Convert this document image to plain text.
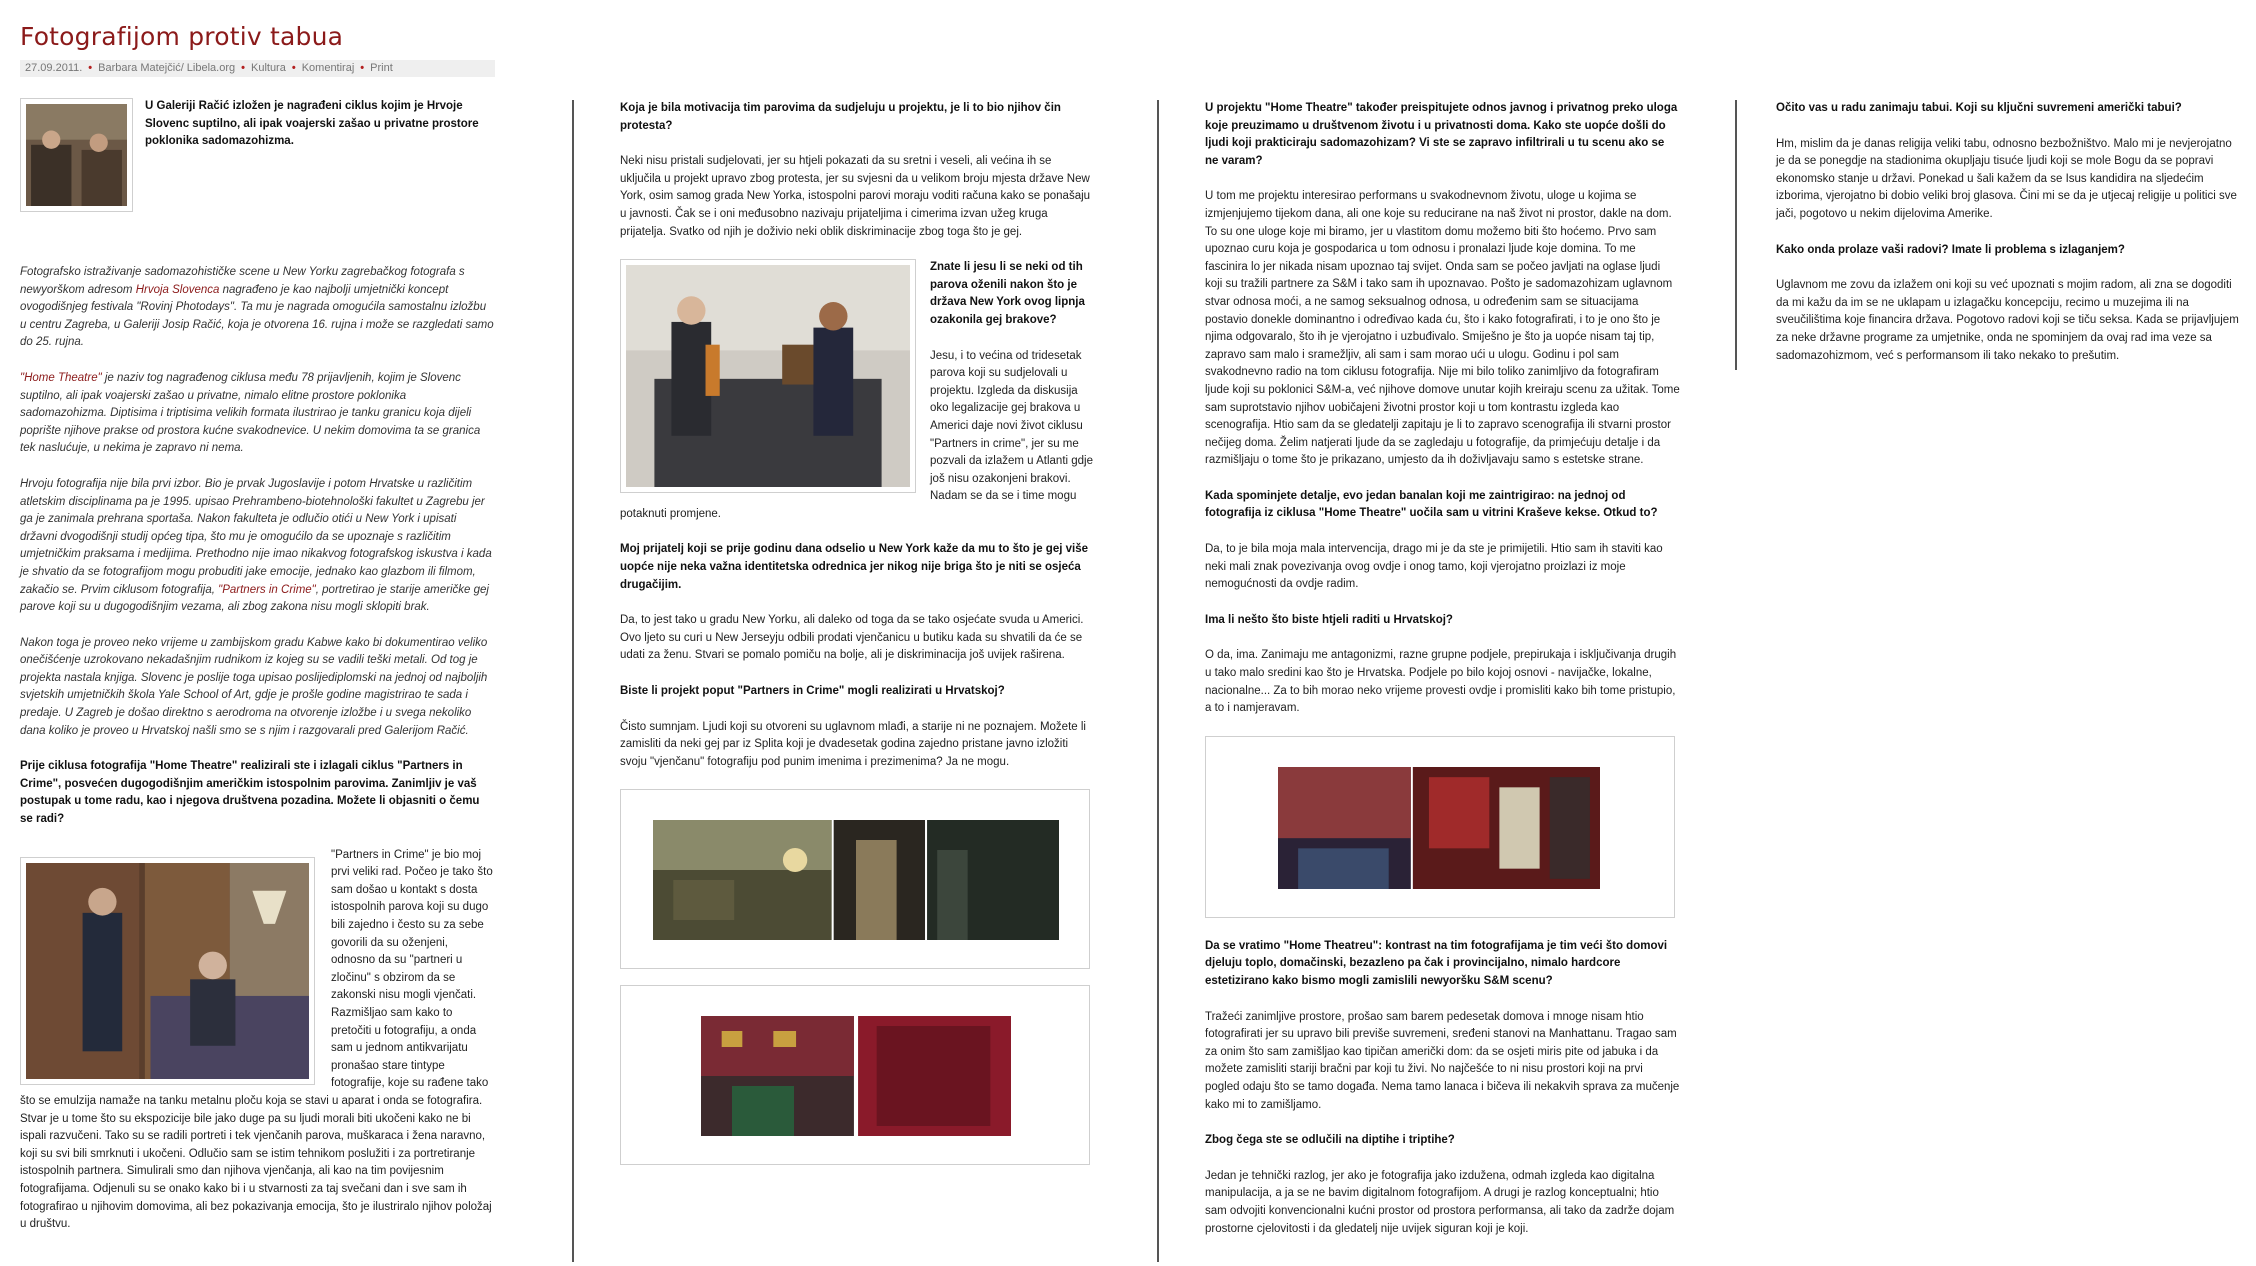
Fotografijom protiv tabua
27.09.2011. • Barbara Matejčić/ Libela.org • Kultura • Komentiraj • Print
U Galeriji Račić izložen je nagrađeni ciklus kojim je Hrvoje Slovenc suptilno, ali ipak voajerski zašao u privatne prostore poklonika sadomazohizma.

Fotografsko istraživanje sadomazohističke scene u New Yorku zagrebačkog fotografa s newyorškom adresom Hrvoja Slovenca nagrađeno je kao najbolji umjetnički koncept ovogodišnjeg festivala "Rovinj Photodays". Ta mu je nagrada omogućila samostalnu izložbu u centru Zagreba, u Galeriji Josip Račić, koja je otvorena 16. rujna i može se razgledati samo do 25. rujna.

"Home Theatre" je naziv tog nagrađenog ciklusa među 78 prijavljenih, kojim je Slovenc suptilno, ali ipak voajerski zašao u privatne, nimalo elitne prostore poklonika sadomazohizma. Diptisima i triptisima velikih formata ilustrirao je tanku granicu koja dijeli poprište njihove prakse od prostora kućne svakodnevice. U nekim domovima ta se granica tek naslućuje, u nekima je zapravo ni nema.

Hrvoju fotografija nije bila prvi izbor. Bio je prvak Jugoslavije i potom Hrvatske u različitim atletskim disciplinama pa je 1995. upisao Prehrambeno-biotehnološki fakultet u Zagrebu jer ga je zanimala prehrana sportaša. Nakon fakulteta je odlučio otići u New York i upisati državni dvogodišnji studij općeg tipa, što mu je omogućilo da se upoznaje s različitim umjetničkim praksama i medijima. Prethodno nije imao nikakvog fotografskog iskustva i kada je shvatio da se fotografijom mogu probuditi jake emocije, jednako kao glazbom ili filmom, zakačio se. Prvim ciklusom fotografija, "Partners in Crime", portretirao je starije američke gej parove koji su u dugogodišnjim vezama, ali zbog zakona nisu mogli sklopiti brak.

Nakon toga je proveo neko vrijeme u zambijskom gradu Kabwe kako bi dokumentirao veliko onečišćenje uzrokovano nekadašnjim rudnikom iz kojeg su se vadili teški metali. Od tog je projekta nastala knjiga. Slovenc je poslije toga upisao poslijediplomski na jednoj od najboljih svjetskih umjetničkih škola Yale School of Art, gdje je prošle godine magistrirao te sada i predaje. U Zagreb je došao direktno s aerodroma na otvorenje izložbe i u svega nekoliko dana koliko je proveo u Hrvatskoj našli smo se s njim i razgovarali pred Galerijom Račić.

Prije ciklusa fotografija "Home Theatre" realizirali ste i izlagali ciklus "Partners in Crime", posvećen dugogodišnjim američkim istospolnim parovima. Zanimljiv je vaš postupak u tome radu, kao i njegova društvena pozadina. Možete li objasniti o čemu se radi?

"Partners in Crime" je bio moj prvi veliki rad. Počeo je tako što sam došao u kontakt s dosta istospolnih parova koji su dugo bili zajedno i često su za sebe govorili da su oženjeni, odnosno da su "partneri u zločinu" s obzirom da se zakonski nisu mogli vjenčati. Razmišljao sam kako to pretočiti u fotografiju, a onda sam u jednom antikvarijatu pronašao stare tintype fotografije, koje su rađene tako što se emulzija namaže na tanku metalnu ploču koja se stavi u aparat i onda se fotografira. Stvar je u tome što su ekspozicije bile jako duge pa su ljudi morali biti ukočeni kako ne bi ispali razvučeni. Tako su se radili portreti i tek vjenčanih parova, muškaraca i žena naravno, koji su svi bili smrknuti i ukočeni. Odlučio sam se istim tehnikom poslužiti i za portretiranje istospolnih partnera. Simulirali smo dan njihova vjenčanja, ali kao na tim povijesnim fotografijama. Odjenuli su se onako kako bi i u stvarnosti za taj svečani dan i sve sam ih fotografirao u njihovim domovima, ali bez pokazivanja emocija, što je ilustriralo njihov položaj u društvu.

Koja je bila motivacija tim parovima da sudjeluju u projektu, je li to bio njihov čin protesta?

Neki nisu pristali sudjelovati, jer su htjeli pokazati da su sretni i veseli, ali većina ih se uključila u projekt upravo zbog protesta, jer su svjesni da u velikom broju mjesta države New York, osim samog grada New Yorka, istospolni parovi moraju voditi računa kako se ponašaju u javnosti. Čak se i oni međusobno nazivaju prijateljima i cimerima izvan užeg kruga prijatelja. Svatko od njih je doživio neki oblik diskriminacije zbog toga što je gej.

Znate li jesu li se neki od tih parova oženili nakon što je država New York ovog lipnja ozakonila gej brakove?

Jesu, i to većina od tridesetak parova koji su sudjelovali u projektu. Izgleda da diskusija oko legalizacije gej brakova u Americi daje novi život ciklusu "Partners in crime", jer su me pozvali da izlažem u Atlanti gdje još nisu ozakonjeni brakovi. Nadam se da se i time mogu potaknuti promjene.

Moj prijatelj koji se prije godinu dana odselio u New York kaže da mu to što je gej više uopće nije neka važna identitetska odrednica jer nikog nije briga što je niti se osjeća drugačijim.

Da, to jest tako u gradu New Yorku, ali daleko od toga da se tako osjećate svuda u Americi. Ovo ljeto su curi u New Jerseyju odbili prodati vjenčanicu u butiku kada su shvatili da će se udati za ženu. Stvari se pomalo pomiču na bolje, ali je diskriminacija još uvijek raširena.

Biste li projekt poput "Partners in Crime" mogli realizirati u Hrvatskoj?

Čisto sumnjam. Ljudi koji su otvoreni su uglavnom mlađi, a starije ni ne poznajem. Možete li zamisliti da neki gej par iz Splita koji je dvadesetak godina zajedno pristane javno izložiti svoju "vjenčanu" fotografiju pod punim imenima i prezimenima? Ja ne mogu.

U projektu "Home Theatre" također preispitujete odnos javnog i privatnog preko uloga koje preuzimamo u društvenom životu i u privatnosti doma. Kako ste uopće došli do ljudi koji prakticiraju sadomazohizam? Vi ste se zapravo infiltrirali u tu scenu ako se ne varam?

U tom me projektu interesirao performans u svakodnevnom životu, uloge u kojima se izmjenjujemo tijekom dana, ali one koje su reducirane na naš život ni prostor, dakle na dom. To su one uloge koje mi biramo, jer u vlastitom domu možemo biti što hoćemo. Prvo sam upoznao curu koja je gospodarica u tom odnosu i pronalazi ljude koje domina. To me fascinira lo jer nikada nisam upoznao taj svijet. Onda sam se počeo javljati na oglase ljudi koji su tražili partnere za S&M i tako sam ih upoznavao. Pošto je sadomazohizam uglavnom stvar odnosa moći, a ne samog seksualnog odnosa, u određenim sam se situacijama postavio donekle dominantno i određivao kada ću, što i kako fotografirati, i to je ono što je njima odgovaralo, što ih je vjerojatno i uzbuđivalo. Smiješno je što ja uopće nisam taj tip, zapravo sam malo i sramežljiv, ali sam i sam morao ući u ulogu. Godinu i pol sam svakodnevno radio na tom ciklusu fotografija. Nije mi bilo toliko zanimljivo da fotografiram ljude koji su poklonici S&M-a, već njihove domove unutar kojih kreiraju scenu za užitak. Tome sam suprotstavio njihov uobičajeni životni prostor koji u tom kontrastu izgleda kao scenografija. Htio sam da se gledatelji zapitaju je li to zapravo scenografija ili stvarni prostor nečijeg doma. Želim natjerati ljude da se zagledaju u fotografije, da primjećuju detalje i da razmišljaju o tome što je prikazano, umjesto da ih doživljavaju samo s estetske strane.

Kada spominjete detalje, evo jedan banalan koji me zaintrigirao: na jednoj od fotografija iz ciklusa "Home Theatre" uočila sam u vitrini Kraševe kekse. Otkud to?

Da, to je bila moja mala intervencija, drago mi je da ste je primijetili. Htio sam ih staviti kao neki mali znak povezivanja ovog ovdje i onog tamo, koji vjerojatno proizlazi iz moje nemogućnosti da ovdje radim.

Ima li nešto što biste htjeli raditi u Hrvatskoj?

O da, ima. Zanimaju me antagonizmi, razne grupne podjele, prepirukaja i isključivanja drugih u tako malo sredini kao što je Hrvatska. Podjele po bilo kojoj osnovi - navijačke, lokalne, nacionalne... Za to bih morao neko vrijeme provesti ovdje i promisliti kako bih tome pristupio, a to i namjeravam.

Da se vratimo "Home Theatreu": kontrast na tim fotografijama je tim veći što domovi djeluju toplo, domačinski, bezazleno pa čak i provincijalno, nimalo hardcore estetizirano kako bismo mogli zamislili newyoršku S&M scenu?

Tražeći zanimljive prostore, prošao sam barem pedesetak domova i mnoge nisam htio fotografirati jer su upravo bili previše suvremeni, sređeni stanovi na Manhattanu. Tragao sam za onim što sam zamišljao kao tipičan američki dom: da se osjeti miris pite od jabuka i da možete zamisliti stariji bračni par koji tu živi. No najčešće to ni nisu prostori koji na prvi pogled odaju što se tamo događa. Nema tamo lanaca i bičeva ili nekakvih sprava za mučenje kako mi to zamišljamo.

Zbog čega ste se odlučili na diptihe i triptihe?

Jedan je tehnički razlog, jer ako je fotografija jako izdužena, odmah izgleda kao digitalna manipulacija, a ja se ne bavim digitalnom fotografijom. A drugi je razlog konceptualni; htio sam odvojiti konvencionalni kućni prostor od prostora performansa, ali tako da zadrže dojam prostorne cjelovitosti i da gledatelj nije uvijek siguran koji je koji.

Očito vas u radu zanimaju tabui. Koji su ključni suvremeni američki tabui?

Hm, mislim da je danas religija veliki tabu, odnosno bezbožništvo. Malo mi je nevjerojatno je da se ponegdje na stadionima okupljaju tisuće ljudi koji se mole Bogu da se popravi ekonomsko stanje u državi. Ponekad u šali kažem da se Isus kandidira na sljedećim izborima, vjerojatno bi dobio veliki broj glasova. Čini mi se da je utjecaj religije u politici sve jači, pogotovo u nekim dijelovima Amerike.

Kako onda prolaze vaši radovi? Imate li problema s izlaganjem?

Uglavnom me zovu da izlažem oni koji su već upoznati s mojim radom, ali zna se dogoditi da mi kažu da im se ne uklapam u izlagačku koncepciju, recimo u muzejima ili na sveučilištima koje financira država. Pogotovo radovi koji se tiču seksa. Kada se prijavljujem za neke državne programe za umjetnike, onda ne spominjem da ovaj rad ima veze sa sadomazohizmom, već s performansom ili tako nekako to prešutim.
